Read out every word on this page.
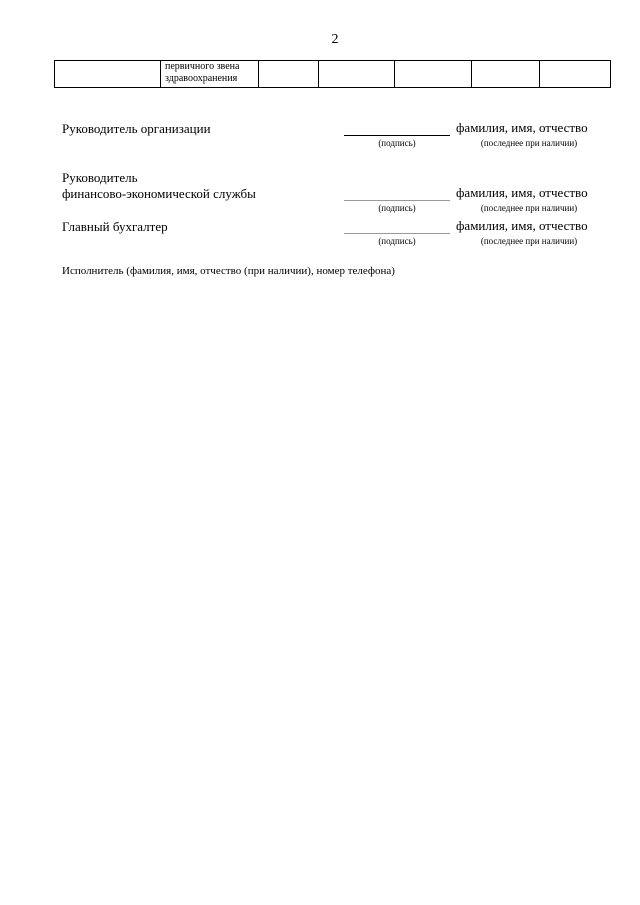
2
	первичного звена здравоохранения					
Руководитель организации
(подпись)
фамилия, имя, отчество
(последнее при наличии)
Руководитель
финансово-экономической службы
(подпись)
фамилия, имя, отчество
(последнее при наличии)
Главный бухгалтер
(подпись)
фамилия, имя, отчество
(последнее при наличии)
Исполнитель (фамилия, имя, отчество (при наличии), номер телефона)
